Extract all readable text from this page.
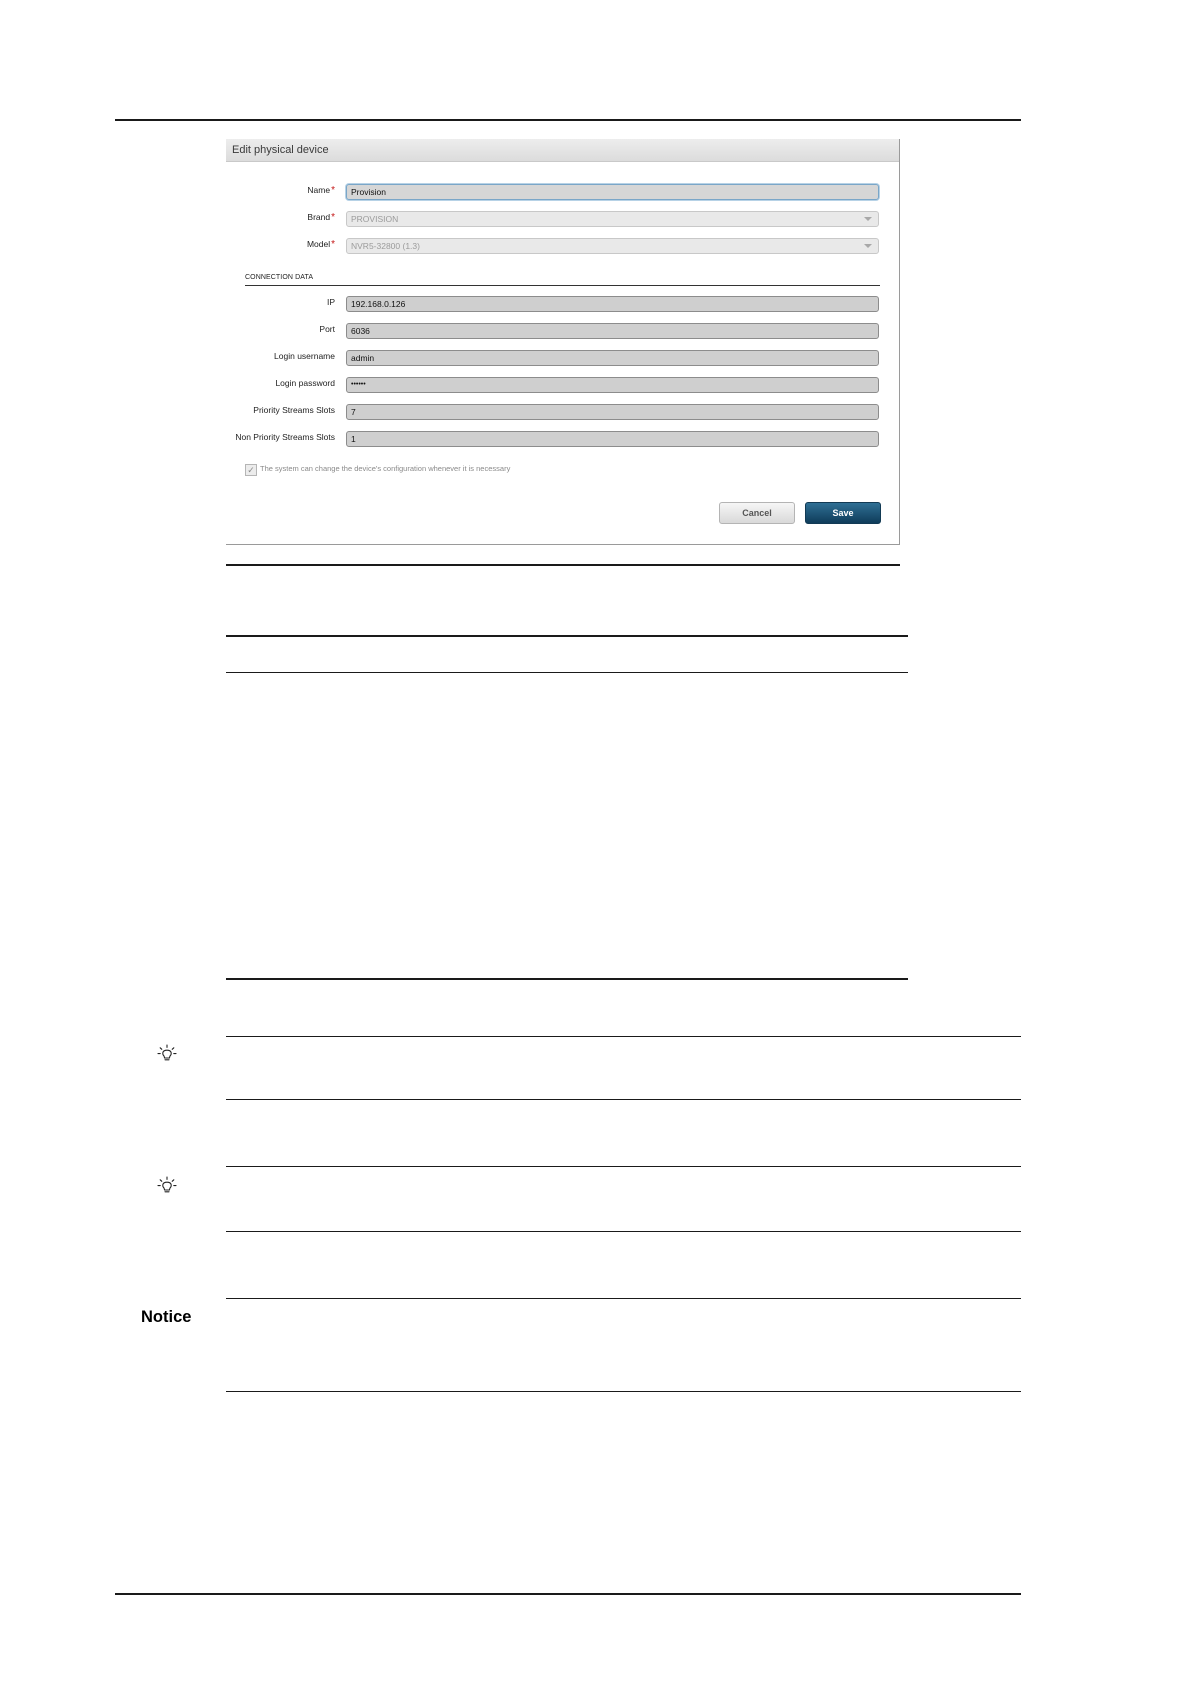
Edit physical device
Name*	Provision
Brand*	PROVISION
Model*	NVR5-32800 (1.3)
CONNECTION DATA
IP	192.168.0.126
Port	6036
Login username	admin
Login password	••••••
Priority Streams Slots	7
Non Priority Streams Slots	1
✓ The system can change the device's configuration whenever it is necessary
Cancel	Save
Notice
